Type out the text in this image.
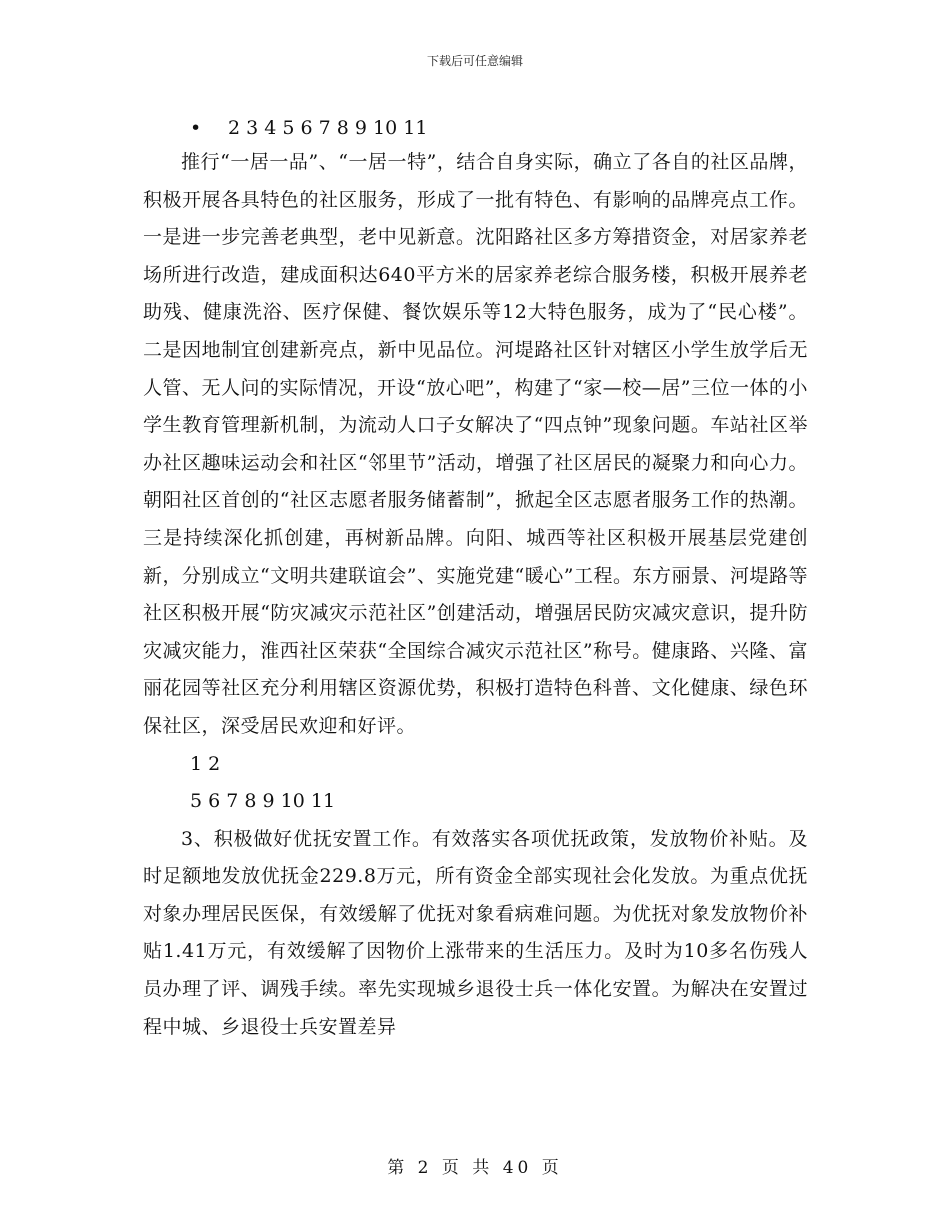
下载后可任意编辑
• 2 3 4 5 6 7 8 9 10 11

推行“一居一品”、“一居一特”，结合自身实际，确立了各自的社区品牌，积极开展各具特色的社区服务，形成了一批有特色、有影响的品牌亮点工作。一是进一步完善老典型，老中见新意。沈阳路社区多方筹措资金，对居家养老场所进行改造，建成面积达640平方米的居家养老综合服务楼，积极开展养老助残、健康洗浴、医疗保健、餐饮娱乐等12大特色服务，成为了“民心楼”。二是因地制宜创建新亮点，新中见品位。河堤路社区针对辖区小学生放学后无人管、无人问的实际情况，开设“放心吧”，构建了“家—校—居”三位一体的小学生教育管理新机制，为流动人口子女解决了“四点钟”现象问题。车站社区举办社区趣味运动会和社区“邻里节”活动，增强了社区居民的凝聚力和向心力。朝阳社区首创的“社区志愿者服务储蓄制”，掀起全区志愿者服务工作的热潮。三是持续深化抓创建，再树新品牌。向阳、城西等社区积极开展基层党建创新，分别成立“文明共建联谊会”、实施党建“暖心”工程。东方丽景、河堤路等社区积极开展“防灾减灾示范社区”创建活动，增强居民防灾减灾意识，提升防灾减灾能力，淮西社区荣获“全国综合减灾示范社区”称号。健康路、兴隆、富丽花园等社区充分利用辖区资源优势，积极打造特色科普、文化健康、绿色环保社区，深受居民欢迎和好评。

1 2
5 6 7 8 9 10 11

3、积极做好优抚安置工作。有效落实各项优抚政策，发放物价补贴。及时足额地发放优抚金229.8万元，所有资金全部实现社会化发放。为重点优抚对象办理居民医保，有效缓解了优抚对象看病难问题。为优抚对象发放物价补贴1.41万元，有效缓解了因物价上涨带来的生活压力。及时为10多名伤残人员办理了评、调残手续。率先实现城乡退役士兵一体化安置。为解决在安置过程中城、乡退役士兵安置差异

第 2 页 共 40 页
